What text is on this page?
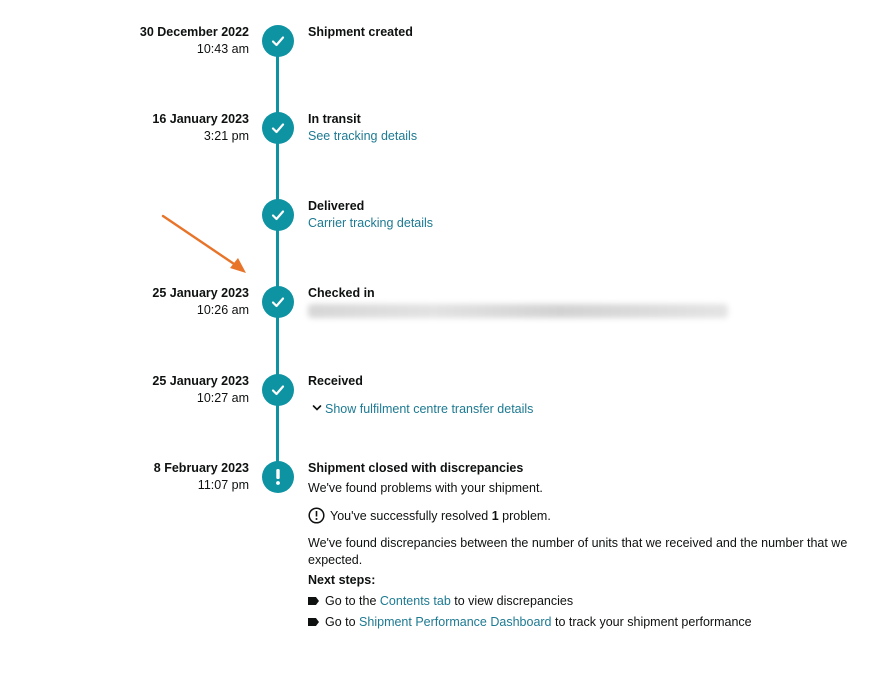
30 December 2022
10:43 am
Shipment created
16 January 2023
3:21 pm
In transit
See tracking details
Delivered
Carrier tracking details
25 January 2023
10:26 am
Checked in
25 January 2023
10:27 am
Received
Show fulfilment centre transfer details
8 February 2023
11:07 pm
Shipment closed with discrepancies
We've found problems with your shipment.
You've successfully resolved 1 problem.
We've found discrepancies between the number of units that we received and the number that we expected.
Next steps:
Go to the Contents tab to view discrepancies
Go to Shipment Performance Dashboard to track your shipment performance
